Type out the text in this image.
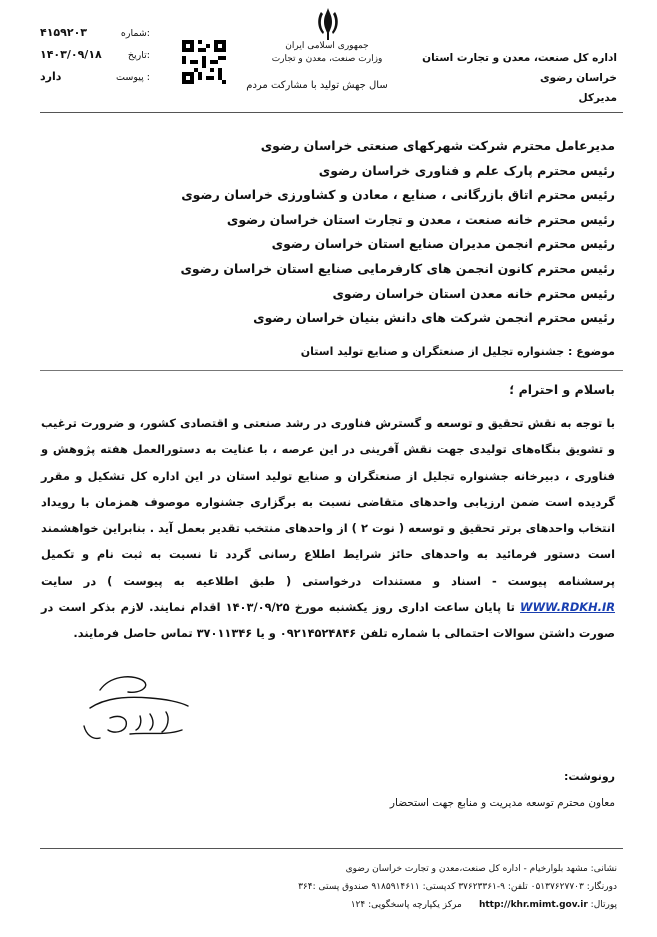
اداره کل صنعت، معدن و تجارت استان خراسان رضوی
مدیرکل
جمهوری اسلامی ایران
وزارت صنعت، معدن و تجارت
سال جهش تولید با مشارکت مردم
۴۱۵۹۲۰۳	شماره:
۱۴۰۳/۰۹/۱۸	تاریخ:
دارد	پیوست :
مدیرعامل محترم شرکت شهرکهای صنعتی خراسان رضوی
رئیس محترم پارک علم و فناوری خراسان رضوی
رئیس محترم اتاق بازرگانی ، صنایع ، معادن و کشاورزی خراسان رضوی
رئیس محترم خانه صنعت ، معدن و تجارت استان خراسان رضوی
رئیس محترم انجمن مدیران صنایع استان خراسان رضوی
رئیس محترم کانون انجمن های کارفرمایی صنایع استان خراسان رضوی
رئیس محترم خانه معدن استان خراسان رضوی
رئیس محترم انجمن شرکت های دانش بنیان خراسان رضوی
موضوع : جشنواره تجلیل از صنعتگران و صنایع تولید استان
باسلام و احترام ؛
با توجه به نقش تحقیق و توسعه و گسترش فناوری در رشد صنعتی و اقتصادی کشور، و ضرورت ترغیب و تشویق بنگاه‌های تولیدی جهت نقش آفرینی در این عرصه ، با عنایت به دستورالعمل هفته پژوهش و فناوری ، دبیرخانه جشنواره تجلیل از صنعتگران و صنایع تولید استان در این اداره کل تشکیل و مقرر گردیده است ضمن ارزیابی واحدهای متقاضی نسبت به برگزاری جشنواره موصوف همزمان با رویداد انتخاب واحدهای برتر تحقیق و توسعه ( نوت ۲ ) از واحدهای منتخب تقدیر بعمل آید . بنابراین خواهشمند است دستور فرمائید به واحدهای حائز شرایط اطلاع رسانی گردد تا نسبت به ثبت نام و تکمیل پرسشنامه پیوست - اسناد و مستندات درخواستی ( طبق اطلاعیه به پیوست ) در سایت WWW.RDKH.IR تا پایان ساعت اداری روز یکشنبه مورخ ۱۴۰۳/۰۹/۲۵ اقدام نمایند. لازم بذکر است در صورت داشتن سوالات احتمالی با شماره تلفن ۰۹۲۱۴۵۲۴۸۴۶ و یا ۳۷۰۱۱۳۴۶ تماس حاصل فرمایند.
رونوشت:
معاون محترم توسعه مدیریت و منابع جهت استحضار
نشانی: مشهد بلوارخیام - اداره کل صنعت،معدن و تجارت خراسان رضوی
دورنگار: ۰۵۱۳۷۶۲۷۷۰۳ تلفن: ۹-۳۷۶۲۳۳۶۱ کدپستی: ۹۱۸۵۹۱۴۶۱۱ صندوق پستی :۳۶۴
پورتال: http://khr.mimt.gov.ir      مرکز یکپارچه پاسخگویی: ۱۲۴
